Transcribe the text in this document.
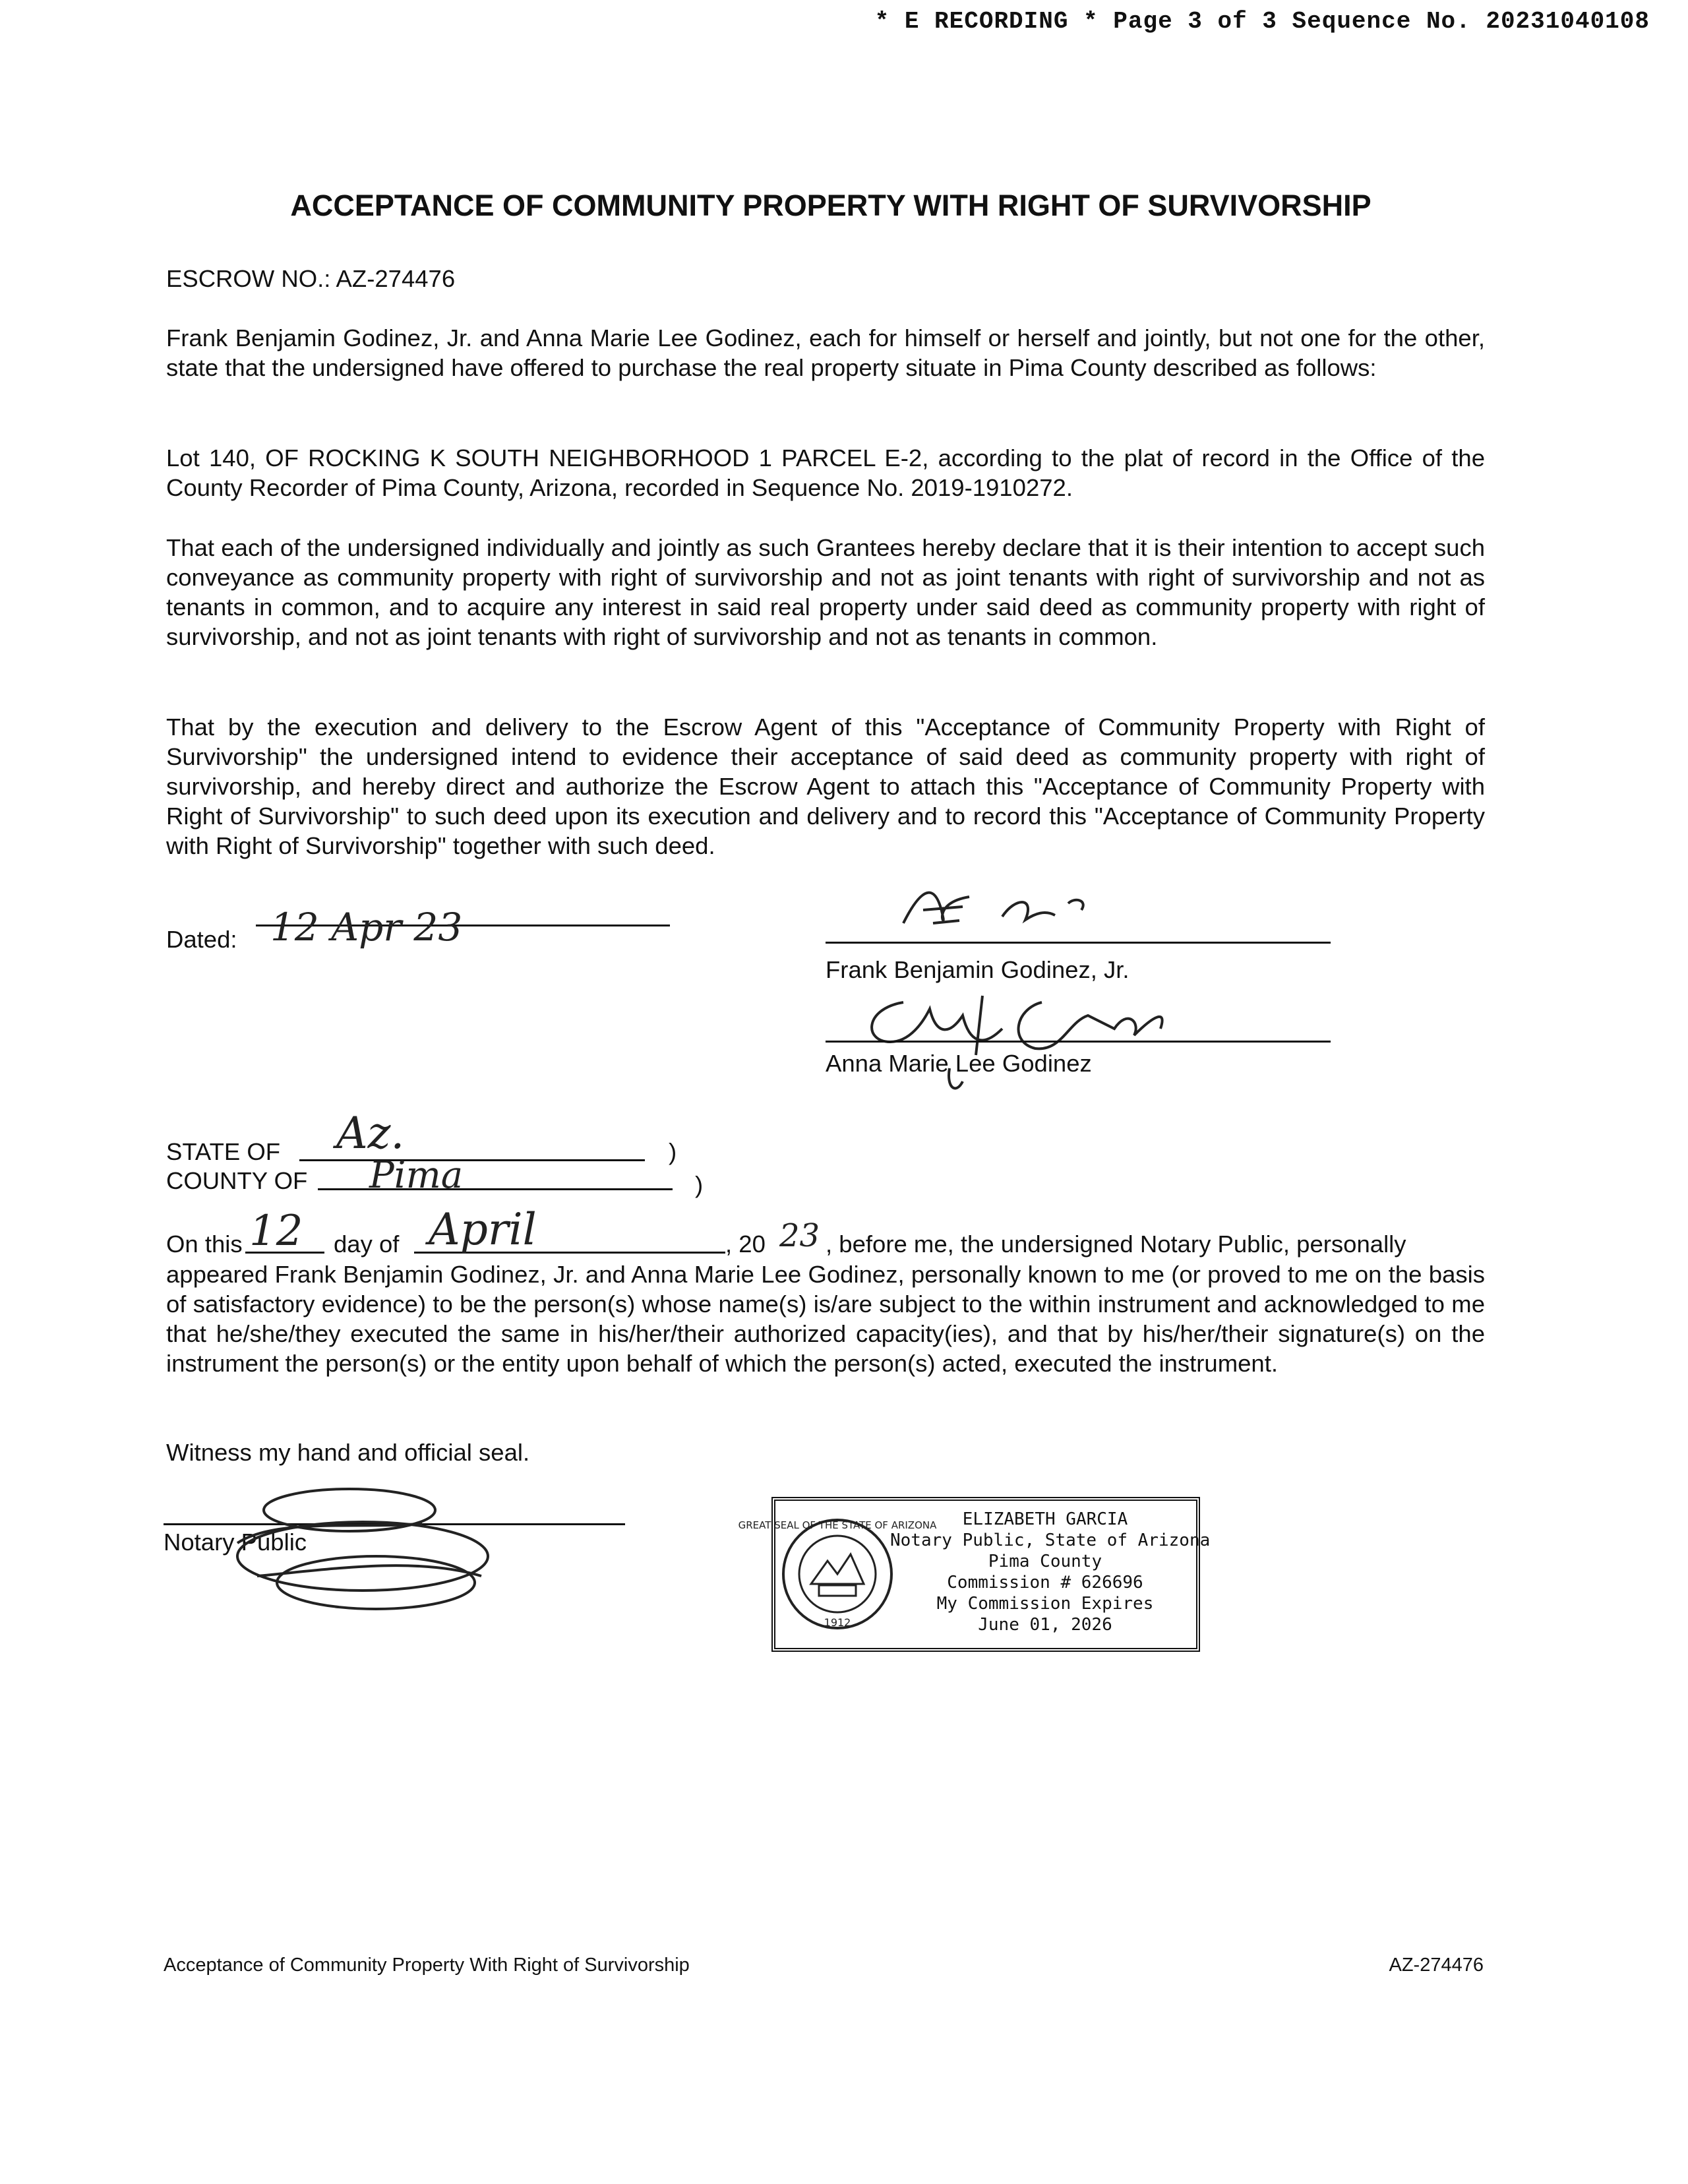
* E RECORDING * Page 3 of 3 Sequence No. 20231040108
ACCEPTANCE OF COMMUNITY PROPERTY WITH RIGHT OF SURVIVORSHIP
ESCROW NO.: AZ-274476
Frank Benjamin Godinez, Jr. and Anna Marie Lee Godinez, each for himself or herself and jointly, but not one for the other, state that the undersigned have offered to purchase the real property situate in Pima County described as follows:
Lot 140, OF ROCKING K SOUTH NEIGHBORHOOD 1 PARCEL E-2, according to the plat of record in the Office of the County Recorder of Pima County, Arizona, recorded in Sequence No. 2019-1910272.
That each of the undersigned individually and jointly as such Grantees hereby declare that it is their intention to accept such conveyance as community property with right of survivorship and not as joint tenants with right of survivorship and not as tenants in common, and to acquire any interest in said real property under said deed as community property with right of survivorship, and not as joint tenants with right of survivorship and not as tenants in common.
That by the execution and delivery to the Escrow Agent of this "Acceptance of Community Property with Right of Survivorship" the undersigned intend to evidence their acceptance of said deed as community property with right of survivorship, and hereby direct and authorize the Escrow Agent to attach this "Acceptance of Community Property with Right of Survivorship" to such deed upon its execution and delivery and to record this "Acceptance of Community Property with Right of Survivorship" together with such deed.
Dated: 12 Apr 23
Frank Benjamin Godinez, Jr.
Anna Marie Lee Godinez
STATE OF Az.	)
COUNTY OF Pima	)
On this 12 day of April	, 20 23 , before me, the undersigned Notary Public, personally
appeared Frank Benjamin Godinez, Jr. and Anna Marie Lee Godinez, personally known to me (or proved to me on the basis of satisfactory evidence) to be the person(s) whose name(s) is/are subject to the within instrument and acknowledged to me that he/she/they executed the same in his/her/their authorized capacity(ies), and that by his/her/their signature(s) on the instrument the person(s) or the entity upon behalf of which the person(s) acted, executed the instrument.
Witness my hand and official seal.
Notary Public
GREAT SEAL OF THE STATE OF ARIZONA
1912
ELIZABETH GARCIA
Notary Public, State of Arizona
Pima County
Commission # 626696
My Commission Expires
June 01, 2026
Acceptance of Community Property With Right of Survivorship	AZ-274476
